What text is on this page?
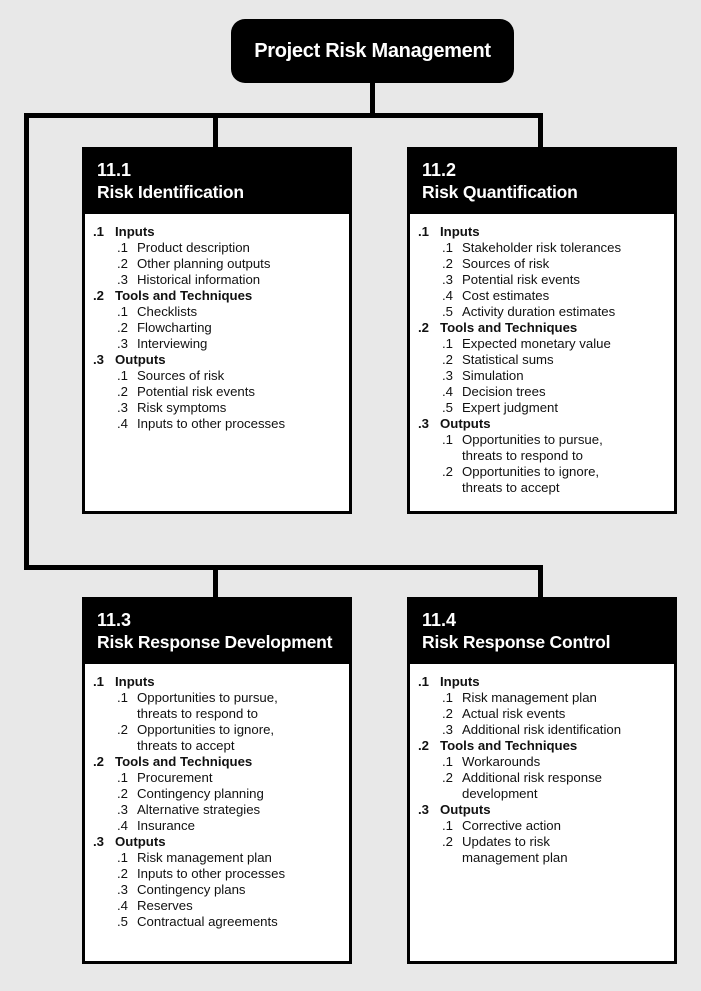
Project Risk Management
11.1
Risk Identification
.1 Inputs
.1 Product description
.2 Other planning outputs
.3 Historical information
.2 Tools and Techniques
.1 Checklists
.2 Flowcharting
.3 Interviewing
.3 Outputs
.1 Sources of risk
.2 Potential risk events
.3 Risk symptoms
.4 Inputs to other processes
11.2
Risk Quantification
.1 Inputs
.1 Stakeholder risk tolerances
.2 Sources of risk
.3 Potential risk events
.4 Cost estimates
.5 Activity duration estimates
.2 Tools and Techniques
.1 Expected monetary value
.2 Statistical sums
.3 Simulation
.4 Decision trees
.5 Expert judgment
.3 Outputs
.1 Opportunities to pursue,
threats to respond to
.2 Opportunities to ignore,
threats to accept
11.3
Risk Response Development
.1 Inputs
.1 Opportunities to pursue,
threats to respond to
.2 Opportunities to ignore,
threats to accept
.2 Tools and Techniques
.1 Procurement
.2 Contingency planning
.3 Alternative strategies
.4 Insurance
.3 Outputs
.1 Risk management plan
.2 Inputs to other processes
.3 Contingency plans
.4 Reserves
.5 Contractual agreements
11.4
Risk Response Control
.1 Inputs
.1 Risk management plan
.2 Actual risk events
.3 Additional risk identification
.2 Tools and Techniques
.1 Workarounds
.2 Additional risk response
development
.3 Outputs
.1 Corrective action
.2 Updates to risk
management plan
